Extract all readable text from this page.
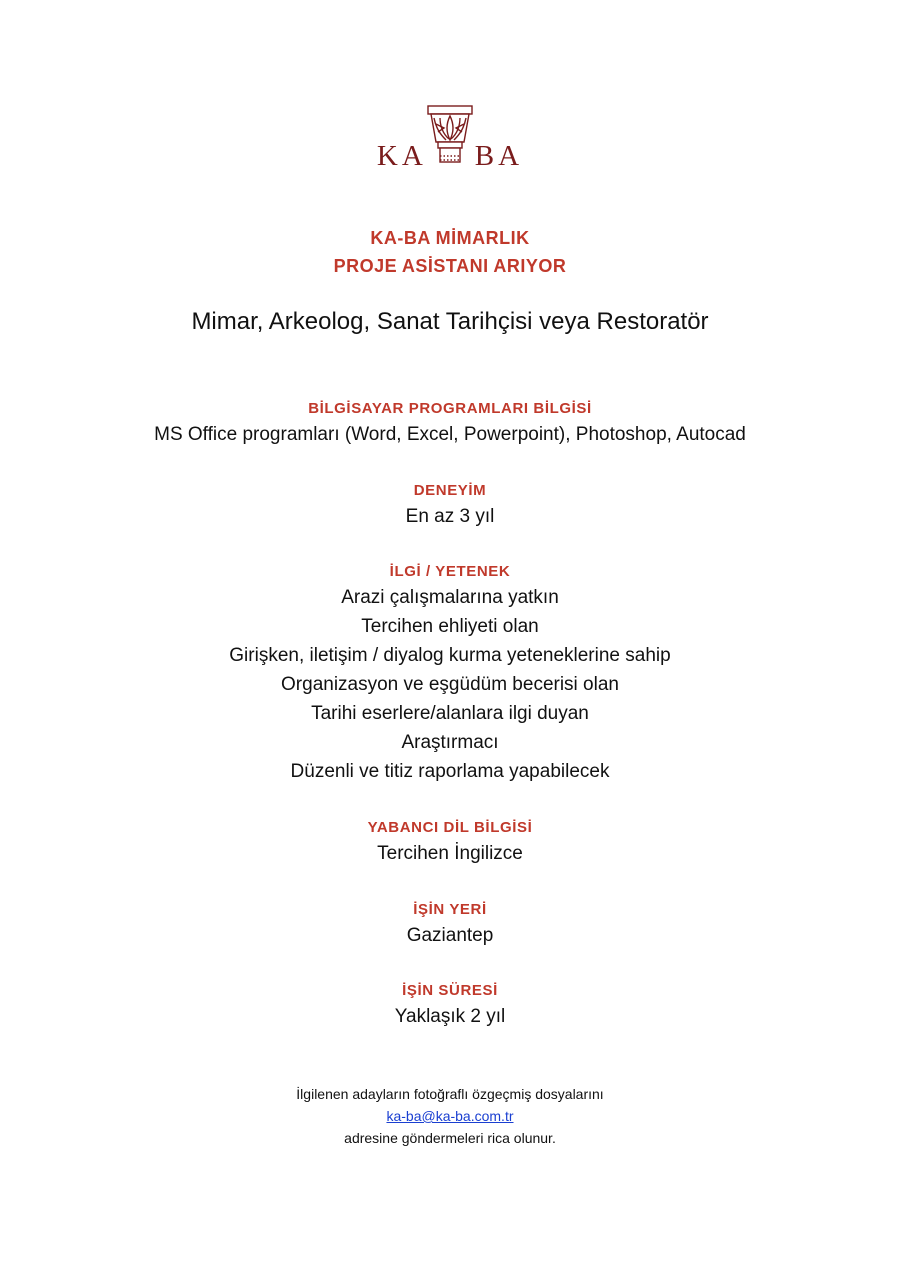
KA BA
KA-BA MİMARLIK
PROJE ASİSTANI ARIYOR
Mimar, Arkeolog, Sanat Tarihçisi veya Restoratör
BİLGİSAYAR PROGRAMLARI BİLGİSİ
MS Office programları (Word, Excel, Powerpoint), Photoshop, Autocad
DENEYİM
En az 3 yıl
İLGİ / YETENEK
Arazi çalışmalarına yatkın
Tercihen ehliyeti olan
Girişken, iletişim / diyalog kurma yeteneklerine sahip
Organizasyon ve eşgüdüm becerisi olan
Tarihi eserlere/alanlara ilgi duyan
Araştırmacı
Düzenli ve titiz raporlama yapabilecek
YABANCI DİL BİLGİSİ
Tercihen İngilizce
İŞİN YERİ
Gaziantep
İŞİN SÜRESİ
Yaklaşık 2 yıl
İlgilenen adayların fotoğraflı özgeçmiş dosyalarını
ka-ba@ka-ba.com.tr
adresine göndermeleri rica olunur.
